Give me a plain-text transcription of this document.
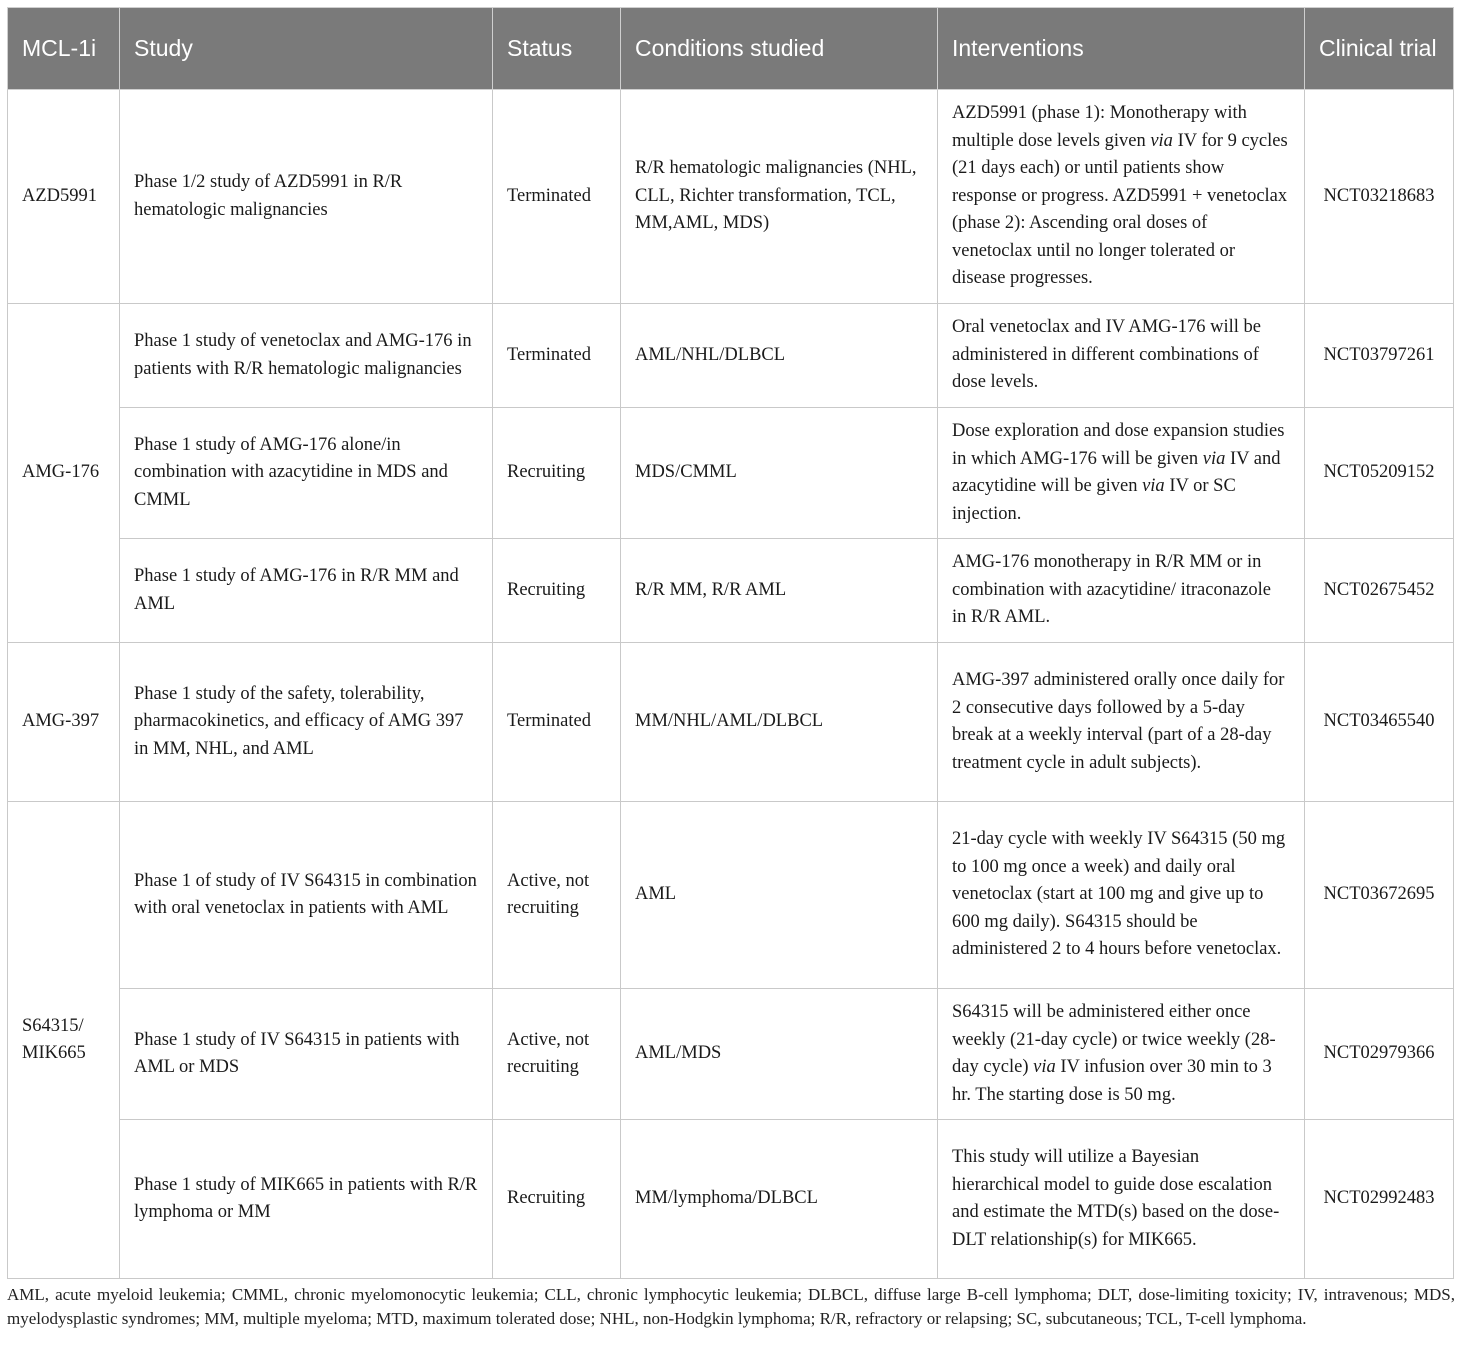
MCL-1i	Study	Status	Conditions studied	Interventions	Clinical trial
AZD5991	Phase 1/2 study of AZD5991 in R/R hematologic malignancies	Terminated	R/R hematologic malignancies (NHL, CLL, Richter transformation, TCL, MM,AML, MDS)	AZD5991 (phase 1): Monotherapy with multiple dose levels given via IV for 9 cycles (21 days each) or until patients show response or progress. AZD5991 + venetoclax (phase 2): Ascending oral doses of venetoclax until no longer tolerated or disease progresses.	NCT03218683
AMG-176	Phase 1 study of venetoclax and AMG-176 in patients with R/R hematologic malignancies	Terminated	AML/NHL/DLBCL	Oral venetoclax and IV AMG-176 will be administered in different combinations of dose levels.	NCT03797261
	Phase 1 study of AMG-176 alone/in combination with azacytidine in MDS and CMML	Recruiting	MDS/CMML	Dose exploration and dose expansion studies in which AMG-176 will be given via IV and azacytidine will be given via IV or SC injection.	NCT05209152
	Phase 1 study of AMG-176 in R/R MM and AML	Recruiting	R/R MM, R/R AML	AMG-176 monotherapy in R/R MM or in combination with azacytidine/ itraconazole in R/R AML.	NCT02675452
AMG-397	Phase 1 study of the safety, tolerability, pharmacokinetics, and efficacy of AMG 397 in MM, NHL, and AML	Terminated	MM/NHL/AML/DLBCL	AMG-397 administered orally once daily for 2 consecutive days followed by a 5-day break at a weekly interval (part of a 28-day treatment cycle in adult subjects).	NCT03465540
S64315/ MIK665	Phase 1 of study of IV S64315 in combination with oral venetoclax in patients with AML	Active, not recruiting	AML	21-day cycle with weekly IV S64315 (50 mg to 100 mg once a week) and daily oral venetoclax (start at 100 mg and give up to 600 mg daily). S64315 should be administered 2 to 4 hours before venetoclax.	NCT03672695
	Phase 1 study of IV S64315 in patients with AML or MDS	Active, not recruiting	AML/MDS	S64315 will be administered either once weekly (21-day cycle) or twice weekly (28-day cycle) via IV infusion over 30 min to 3 hr. The starting dose is 50 mg.	NCT02979366
	Phase 1 study of MIK665 in patients with R/R lymphoma or MM	Recruiting	MM/lymphoma/DLBCL	This study will utilize a Bayesian hierarchical model to guide dose escalation and estimate the MTD(s) based on the dose-DLT relationship(s) for MIK665.	NCT02992483
AML, acute myeloid leukemia; CMML, chronic myelomonocytic leukemia; CLL, chronic lymphocytic leukemia; DLBCL, diffuse large B-cell lymphoma; DLT, dose-limiting toxicity; IV, intravenous; MDS, myelodysplastic syndromes; MM, multiple myeloma; MTD, maximum tolerated dose; NHL, non-Hodgkin lymphoma; R/R, refractory or relapsing; SC, subcutaneous; TCL, T-cell lymphoma.
